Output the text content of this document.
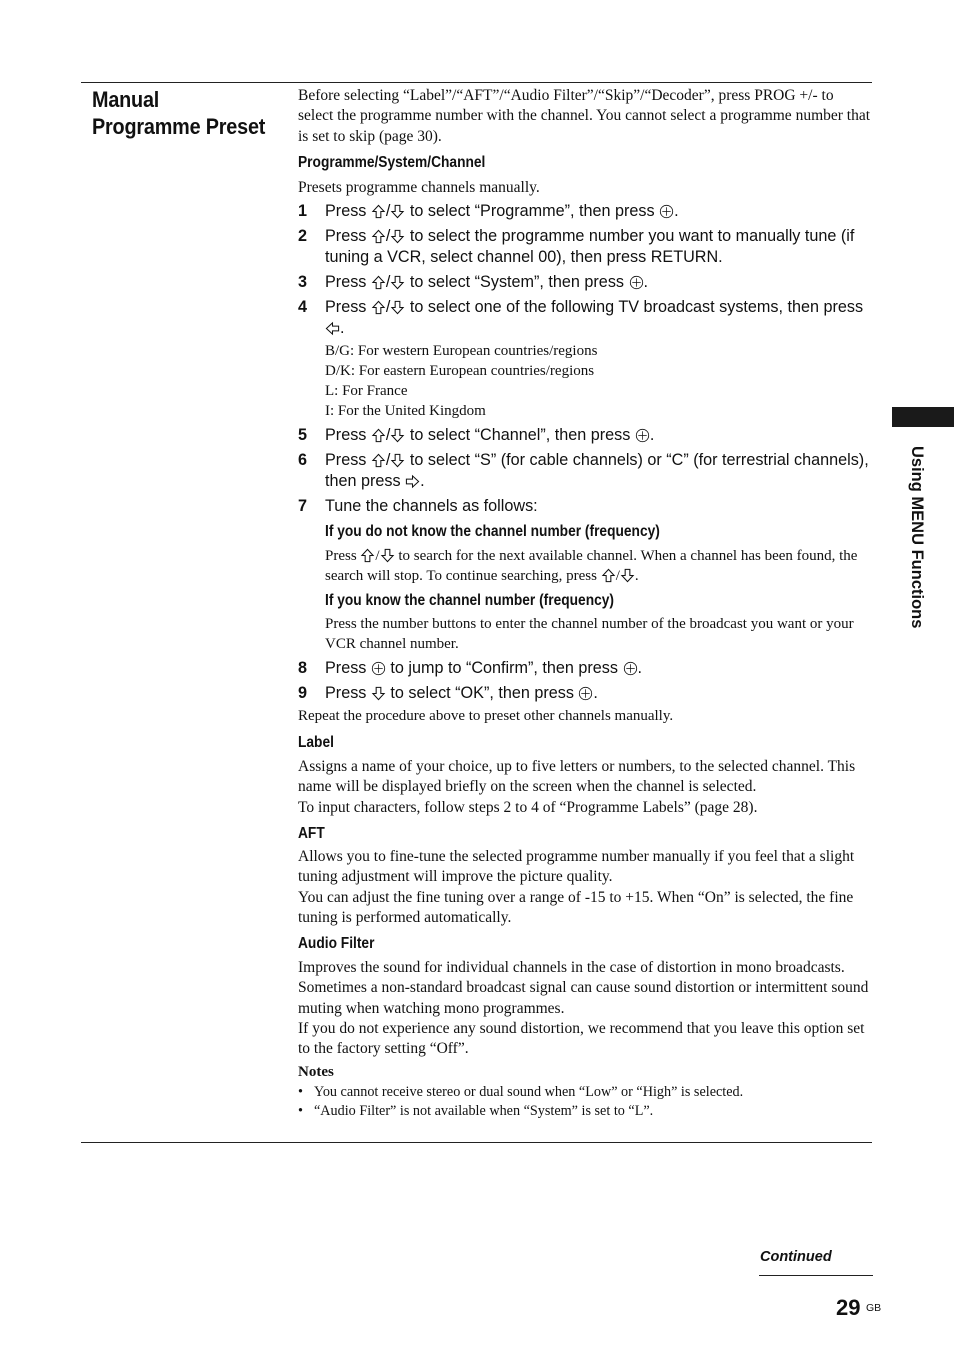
Manual Programme Preset
Before selecting “Label”/“AFT”/“Audio Filter”/“Skip”/“Decoder”, press PROG +/- to select the programme number with the channel. You cannot select a programme number that is set to skip (page 30).
Programme/System/Channel
Presets programme channels manually.
1 Press
/
to select “Programme”, then press
.
2 Press
/
to select the programme number you want to manually tune (if tuning a VCR, select channel 00), then press RETURN.
3 Press
/
to select “System”, then press
.
4 Press
/
to select one of the following TV broadcast systems, then press
.
B/G: For western European countries/regions
D/K: For eastern European countries/regions
L: For France
I: For the United Kingdom
5 Press
/
to select “Channel”, then press
.
6 Press
/
to select “S” (for cable channels) or “C” (for terrestrial channels), then press
.
7 Tune the channels as follows:
If you do not know the channel number (frequency)
Press
/
to search for the next available channel. When a channel has been found, the search will stop. To continue searching, press
/ .
If you know the channel number (frequency)
Press the number buttons to enter the channel number of the broadcast you want or your VCR channel number.
8 Press
to jump to “Confirm”, then press
.
9 Press
to select “OK”, then press
.
Repeat the procedure above to preset other channels manually.
Label
Assigns a name of your choice, up to five letters or numbers, to the selected channel. This name will be displayed briefly on the screen when the channel is selected.
To input characters, follow steps 2 to 4 of “Programme Labels” (page 28).
AFT
Allows you to fine-tune the selected programme number manually if you feel that a slight tuning adjustment will improve the picture quality.
You can adjust the fine tuning over a range of -15 to +15. When “On” is selected, the fine tuning is performed automatically.
Audio Filter
Improves the sound for individual channels in the case of distortion in mono broadcasts. Sometimes a non-standard broadcast signal can cause sound distortion or intermittent sound muting when watching mono programmes.
If you do not experience any sound distortion, we recommend that you leave this option set to the factory setting “Off”.
Notes
• You cannot receive stereo or dual sound when “Low” or “High” is selected.
• “Audio Filter” is not available when “System” is set to “L”.
Using MENU Functions
Continued
29 GB
